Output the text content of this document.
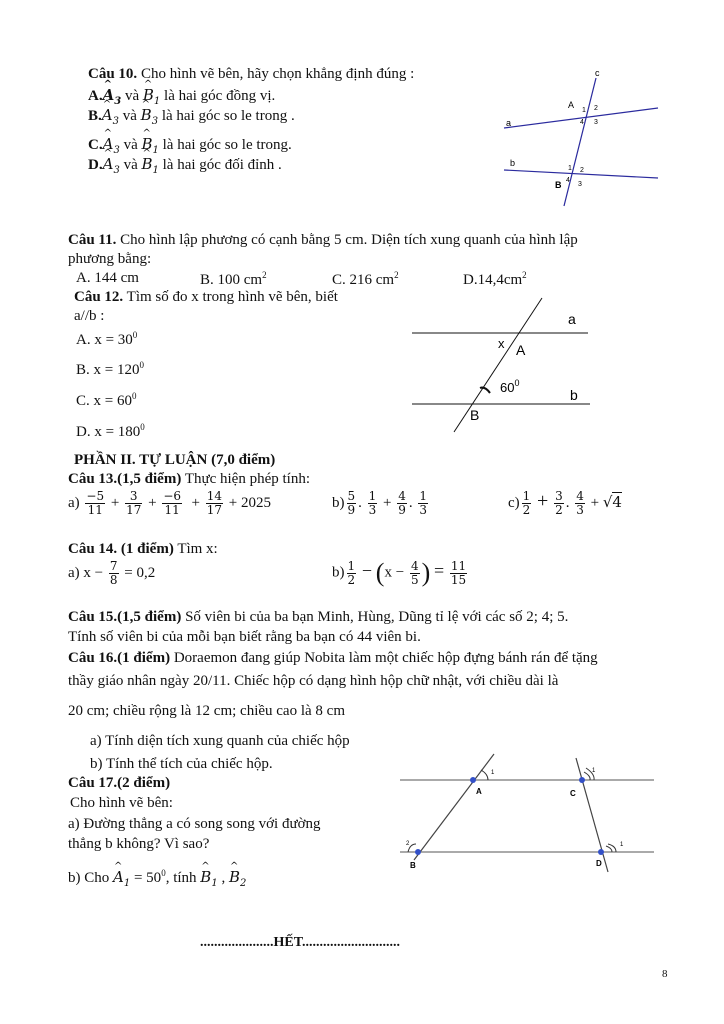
Câu 10. Cho hình vẽ bên, hãy chọn khẳng định đúng :
A.^ $A_3$ và ^ $B_1$ là hai góc đồng vị.
B.^ $A_3$ và ^ $B_3$ là hai góc so le trong .
C.^ $A_3$ và ^ $B_1$ là hai góc so le trong.
D.^ $A_3$ và ^ $B_1$ là hai góc đối đỉnh .
c
a
b
A
B
1 2
3
4
1 2
3
4
Câu 11. Cho hình lập phương có cạnh bằng 5 cm. Diện tích xung quanh của hình lập
phương bằng:
A. 144 cm	B. 100 $cm^2$	C. 216 $cm^2$	$D.14,4cm^2$
Câu 12. Tìm số đo x trong hình vẽ bên, biết
a//b :
A. $x = 30^0$
B. $x = 120^0$
C. $x = 60^0$
D. $x = 180^0$
a
b
x A
B
$60^0$
PHẦN II. TỰ LUẬN (7,0 điểm)
Câu 13.(1,5 điểm) Thực hiện phép tính:
$a) \frac{-5}{11} + \frac{3}{17} + \frac{-6}{11} + \frac{14}{17} + 2025$	$b) \frac{5}{9}$ . $\frac{1}{3} + \frac{4}{9}$ . $\frac{1}{3}$	$c) \frac{1}{2} + \frac{3}{2}$ . $\frac{4}{3} + √4$
Câu 14. (1 điểm) Tìm x:
a) $x - \frac{7}{8} = 0,2$	$b) \frac{1}{2} - (x - \frac{4}{5}$ ) = $\frac{11}{15}$
Câu 15.(1,5 điểm) Số viên bi của ba bạn Minh, Hùng, Dũng tỉ lệ với các số 2; 4; 5.
Tính số viên bi của mỗi bạn biết rằng ba bạn có 44 viên bi.
Câu 16.(1 điểm) Doraemon đang giúp Nobita làm một chiếc hộp đựng bánh rán để tặng
thầy giáo nhân ngày 20/11. Chiếc hộp có dạng hình hộp chữ nhật, với chiều dài là
20 cm; chiều rộng là 12 cm; chiều cao là 8 cm
a) Tính diện tích xung quanh của chiếc hộp
b) Tính thể tích của chiếc hộp.
Câu 17.(2 điểm)
Cho hình vẽ bên:
a) Đường thẳng a có song song với đường
thẳng b không? Vì sao?
b) Cho ^ $A_1 = 50^0$, tính ^ $B_1$ , ^ $B_2$
A	C
B	D
1	1
1
2
.....................HẾT............................
8
